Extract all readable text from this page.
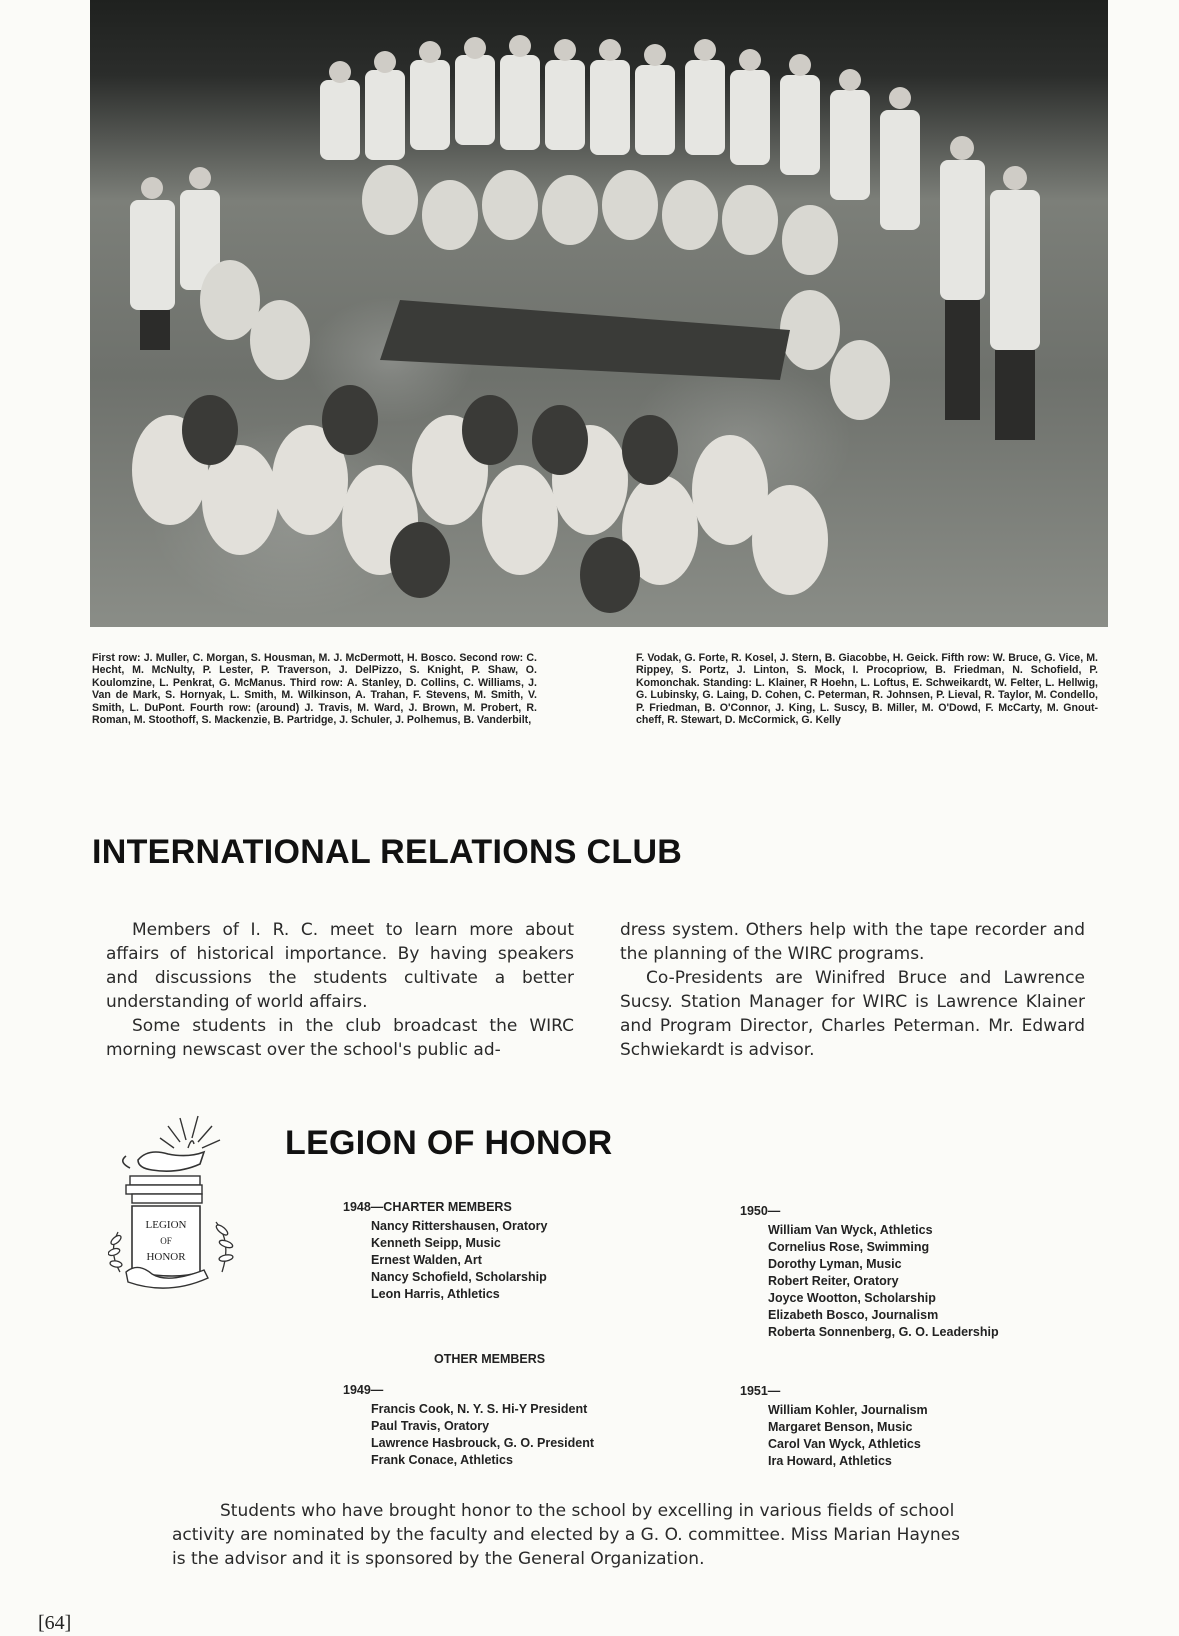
First row: J. Muller, C. Morgan, S. Housman, M. J. McDermott, H. Bosco. Second row: C. Hecht, M. McNulty, P. Lester, P. Traverson, J. DelPizzo, S. Knight, P. Shaw, O. Koulomzine, L. Penkrat, G. McManus. Third row: A. Stanley, D. Collins, C. Williams, J. Van de Mark, S. Hornyak, L. Smith, M. Wilkinson, A. Trahan, F. Stevens, M. Smith, V. Smith, L. DuPont. Fourth row: (around) J. Travis, M. Ward, J. Brown, M. Probert, R. Roman, M. Stoothoff, S. Mackenzie, B. Partridge, J. Schuler, J. Polhemus, B. Vanderbilt,

F. Vodak, G. Forte, R. Kosel, J. Stern, B. Giacobbe, H. Geick. Fifth row: W. Bruce, G. Vice, M. Rippey, S. Portz, J. Linton, S. Mock, I. Procopriow, B. Friedman, N. Schofield, P. Komonchak. Standing: L. Klainer, R Hoehn, L. Loftus, E. Schweikardt, W. Felter, L. Hellwig, G. Lubinsky, G. Laing, D. Cohen, C. Peterman, R. Johnsen, P. Lieval, R. Taylor, M. Condello, P. Friedman, B. O'Connor, J. King, L. Suscy, B. Miller, M. O'Dowd, F. McCarty, M. Gnout-cheff, R. Stewart, D. McCormick, G. Kelly

INTERNATIONAL RELATIONS CLUB

Members of I. R. C. meet to learn more about affairs of historical importance. By having speakers and discussions the students cultivate a better understanding of world affairs.

Some students in the club broadcast the WIRC morning newscast over the school's public ad-

dress system. Others help with the tape recorder and the planning of the WIRC programs.

Co-Presidents are Winifred Bruce and Lawrence Sucsy. Station Manager for WIRC is Lawrence Klainer and Program Director, Charles Peterman. Mr. Edward Schwiekardt is advisor.

LEGION
OF
HONOR
LEGION OF HONOR
1948—CHARTER MEMBERS
Nancy Rittershausen, Oratory
Kenneth Seipp, Music
Ernest Walden, Art
Nancy Schofield, Scholarship
Leon Harris, Athletics
OTHER MEMBERS
1949—
Francis Cook, N. Y. S. Hi-Y President
Paul Travis, Oratory
Lawrence Hasbrouck, G. O. President
Frank Conace, Athletics
1950—
William Van Wyck, Athletics
Cornelius Rose, Swimming
Dorothy Lyman, Music
Robert Reiter, Oratory
Joyce Wootton, Scholarship
Elizabeth Bosco, Journalism
Roberta Sonnenberg, G. O. Leadership
1951—
William Kohler, Journalism
Margaret Benson, Music
Carol Van Wyck, Athletics
Ira Howard, Athletics

Students who have brought honor to the school by excelling in various fields of school activity are nominated by the faculty and elected by a G. O. committee. Miss Marian Haynes is the advisor and it is sponsored by the General Organization.

[64]
